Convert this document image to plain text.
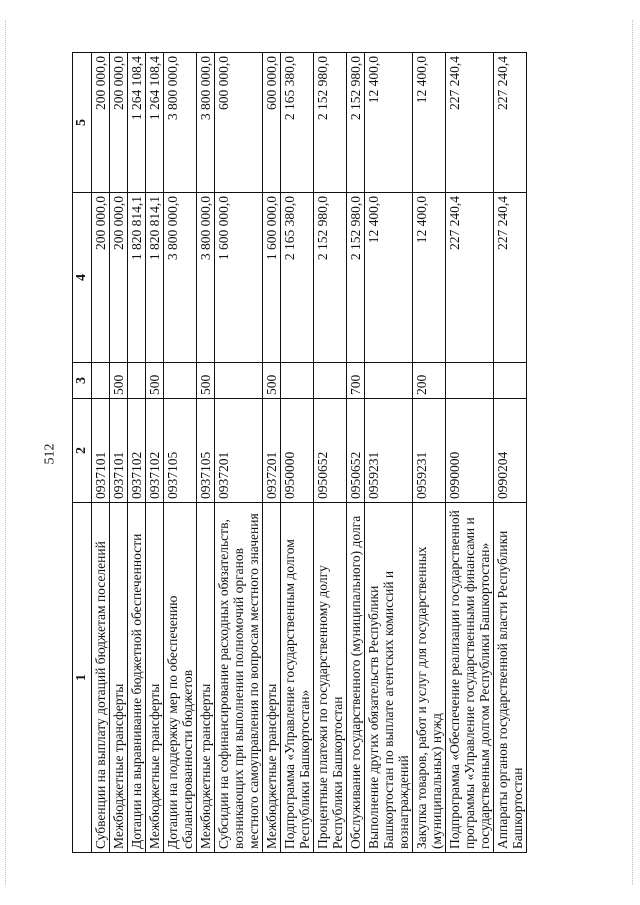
512
1	2	3	4	5
Субвенции на выплату дотаций бюджетам поселений	0937101		200 000,0	200 000,0
Межбюджетные трансферты	0937101	500	200 000,0	200 000,0
Дотации на выравнивание бюджетной обеспеченности	0937102		1 820 814,1	1 264 108,4
Межбюджетные трансферты	0937102	500	1 820 814,1	1 264 108,4
Дотации на поддержку мер по обеспечению сбалансированности бюджетов	0937105		3 800 000,0	3 800 000,0
Межбюджетные трансферты	0937105	500	3 800 000,0	3 800 000,0
Субсидии на софинансирование расходных обязательств, возникающих при выполнении полномочий органов местного самоуправления по вопросам местного значения	0937201		1 600 000,0	600 000,0
Межбюджетные трансферты	0937201	500	1 600 000,0	600 000,0
Подпрограмма «Управление государственным долгом Республики Башкортостан»	0950000		2 165 380,0	2 165 380,0
Процентные платежи по государственному долгу Республики Башкортостан	0950652		2 152 980,0	2 152 980,0
Обслуживание государственного (муниципального) долга	0950652	700	2 152 980,0	2 152 980,0
Выполнение других обязательств Республики Башкортостан по выплате агентских комиссий и вознаграждений	0959231		12 400,0	12 400,0
Закупка товаров, работ и услуг для государственных (муниципальных) нужд	0959231	200	12 400,0	12 400,0
Подпрограмма «Обеспечение реализации государственной программы «Управление государственными финансами и государственным долгом Республики Башкортостан»	0990000		227 240,4	227 240,4
Аппараты органов государственной власти Республики Башкортостан	0990204		227 240,4	227 240,4
